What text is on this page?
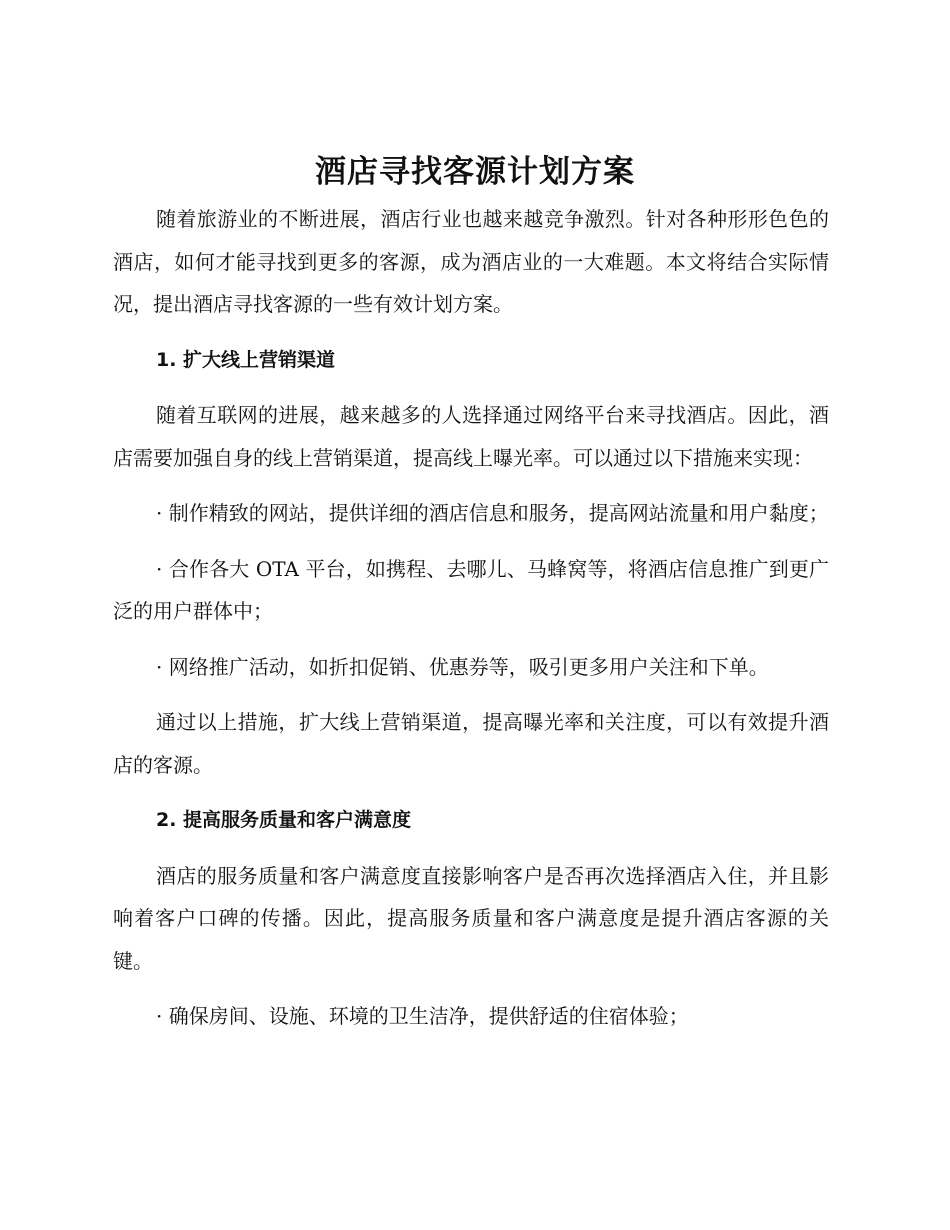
酒店寻找客源计划方案

随着旅游业的不断进展，酒店行业也越来越竞争激烈。针对各种形形色色的酒店，如何才能寻找到更多的客源，成为酒店业的一大难题。本文将结合实际情况，提出酒店寻找客源的一些有效计划方案。

1. 扩大线上营销渠道

随着互联网的进展，越来越多的人选择通过网络平台来寻找酒店。因此，酒店需要加强自身的线上营销渠道，提高线上曝光率。可以通过以下措施来实现：

· 制作精致的网站，提供详细的酒店信息和服务，提高网站流量和用户黏度；

· 合作各大 OTA 平台，如携程、去哪儿、马蜂窝等，将酒店信息推广到更广泛的用户群体中；

· 网络推广活动，如折扣促销、优惠券等，吸引更多用户关注和下单。

通过以上措施，扩大线上营销渠道，提高曝光率和关注度，可以有效提升酒店的客源。

2. 提高服务质量和客户满意度

酒店的服务质量和客户满意度直接影响客户是否再次选择酒店入住，并且影响着客户口碑的传播。因此，提高服务质量和客户满意度是提升酒店客源的关键。

· 确保房间、设施、环境的卫生洁净，提供舒适的住宿体验；
